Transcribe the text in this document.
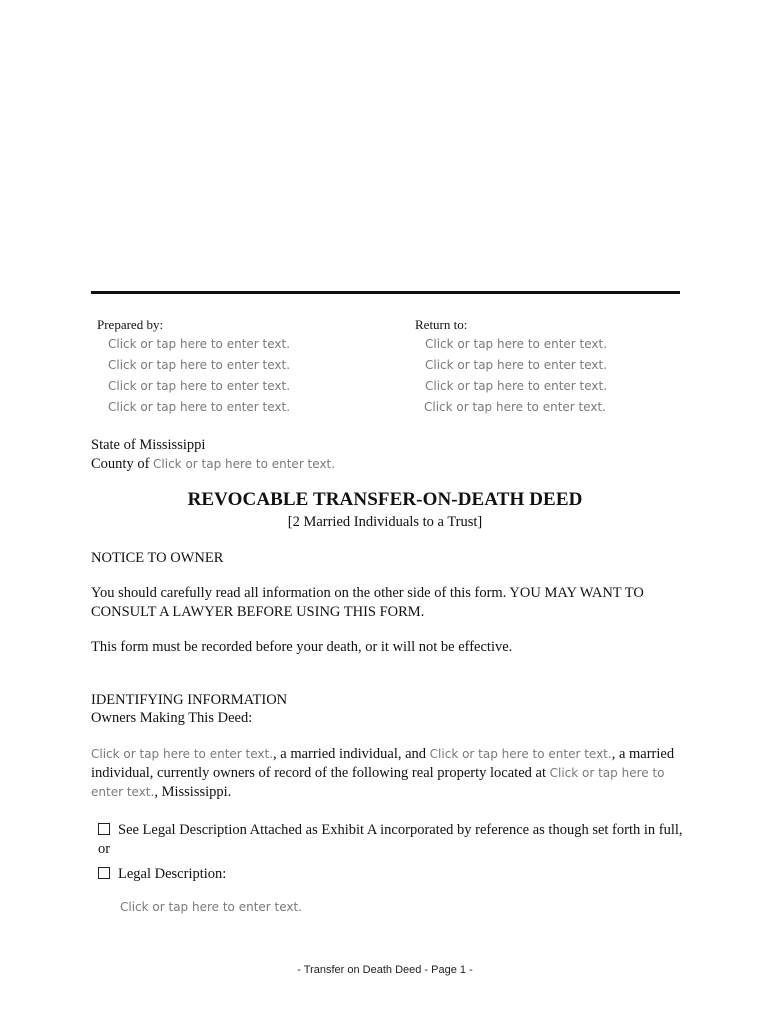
Prepared by:
Click or tap here to enter text.
Click or tap here to enter text.
Click or tap here to enter text.
Click or tap here to enter text.
Return to:
Click or tap here to enter text.
Click or tap here to enter text.
Click or tap here to enter text.
Click or tap here to enter text.
State of Mississippi
County of Click or tap here to enter text.
REVOCABLE TRANSFER-ON-DEATH DEED
[2 Married Individuals to a Trust]
NOTICE TO OWNER
You should carefully read all information on the other side of this form. YOU MAY WANT TO CONSULT A LAWYER BEFORE USING THIS FORM.
This form must be recorded before your death, or it will not be effective.
IDENTIFYING INFORMATION
Owners Making This Deed:
Click or tap here to enter text., a married individual, and Click or tap here to enter text., a married individual, currently owners of record of the following real property located at Click or tap here to enter text., Mississippi.
See Legal Description Attached as Exhibit A incorporated by reference as though set forth in full, or
Legal Description:
Click or tap here to enter text.
- Transfer on Death Deed - Page 1 -
